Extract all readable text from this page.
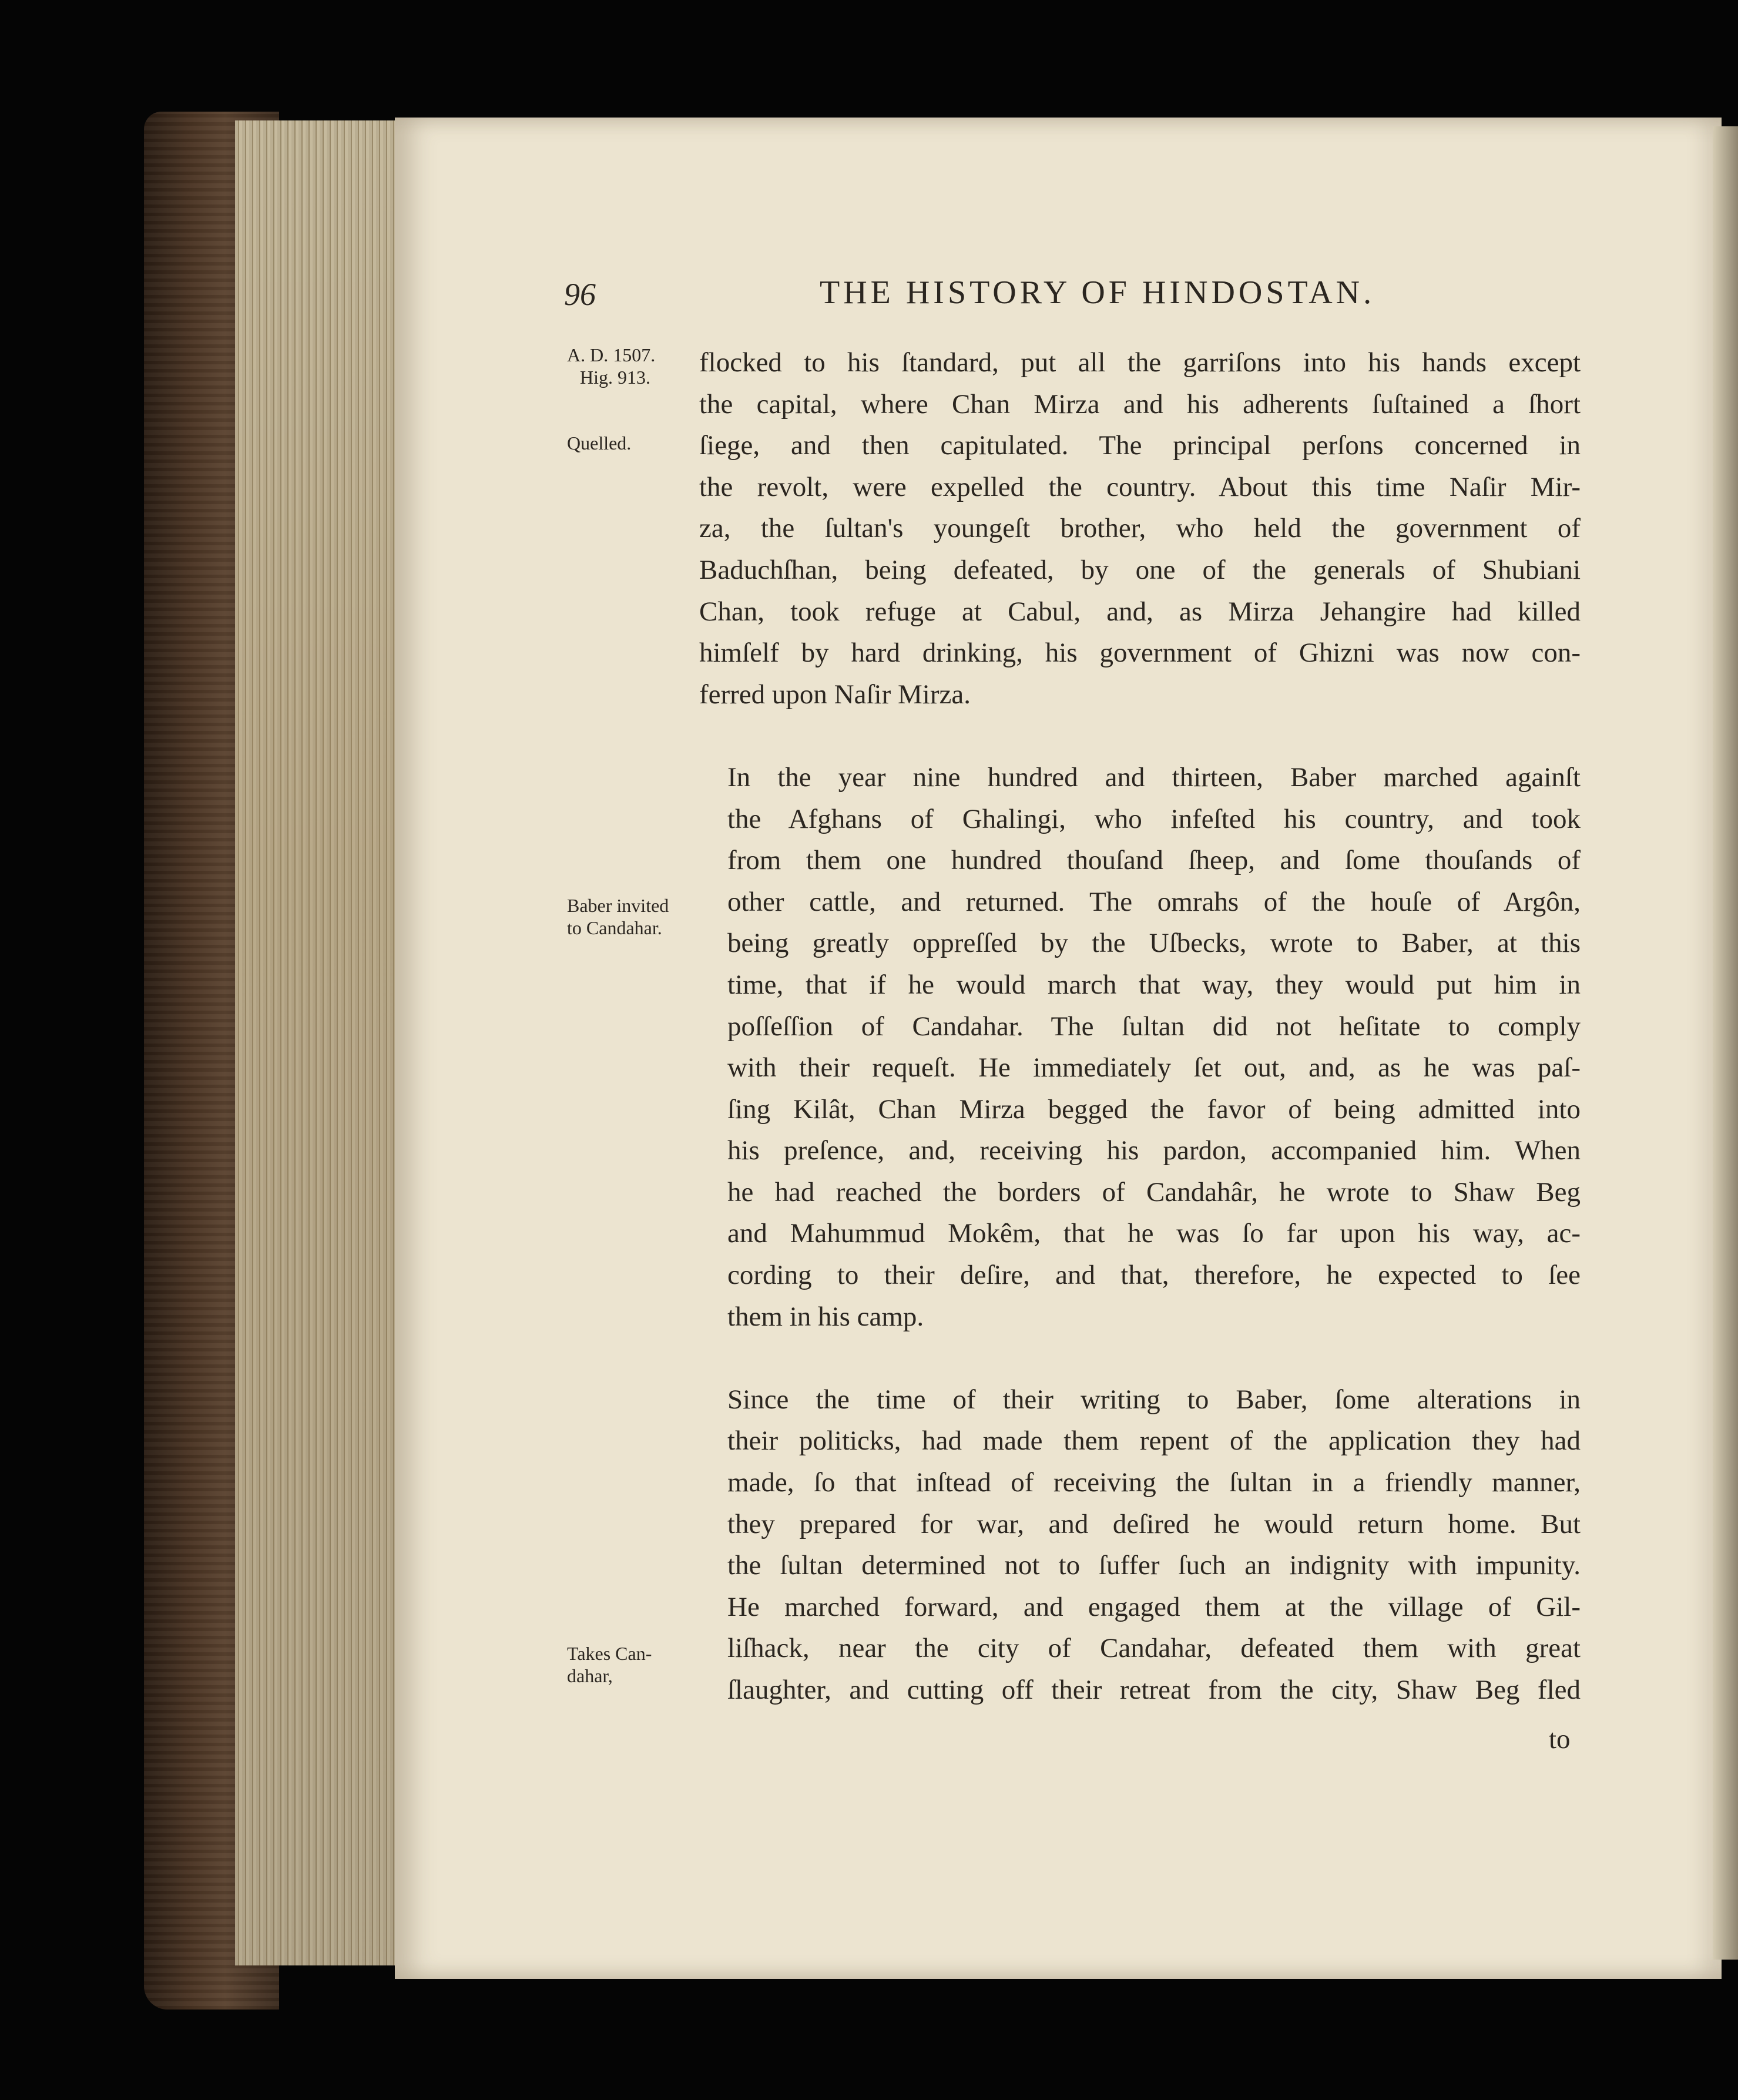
96	THE HISTORY OF HINDOSTAN.
A. D. 1507.
Hig. 913.
Quelled.
Baber invited
to Candahar.
Takes Can-
dahar,

flocked to his ſtandard, put all the garriſons into his hands except
the capital, where Chan Mirza and his adherents ſuſtained a ſhort
ſiege, and then capitulated. The principal perſons concerned in
the revolt, were expelled the country. About this time Naſir Mir-
za, the ſultan's youngeſt brother, who held the government of
Baduchſhan, being defeated, by one of the generals of Shubiani
Chan, took refuge at Cabul, and, as Mirza Jehangire had killed
himſelf by hard drinking, his government of Ghizni was now con-
ferred upon Naſir Mirza.

In the year nine hundred and thirteen, Baber marched againſt
the Afghans of Ghalingi, who infeſted his country, and took
from them one hundred thouſand ſheep, and ſome thouſands of
other cattle, and returned. The omrahs of the houſe of Argôn,
being greatly oppreſſed by the Uſbecks, wrote to Baber, at this
time, that if he would march that way, they would put him in
poſſeſſion of Candahar. The ſultan did not heſitate to comply
with their requeſt. He immediately ſet out, and, as he was paſ-
ſing Kilât, Chan Mirza begged the favor of being admitted into
his preſence, and, receiving his pardon, accompanied him. When
he had reached the borders of Candahâr, he wrote to Shaw Beg
and Mahummud Mokêm, that he was ſo far upon his way, ac-
cording to their deſire, and that, therefore, he expected to ſee
them in his camp.

Since the time of their writing to Baber, ſome alterations in
their politicks, had made them repent of the application they had
made, ſo that inſtead of receiving the ſultan in a friendly manner,
they prepared for war, and deſired he would return home. But
the ſultan determined not to ſuffer ſuch an indignity with impunity.
He marched forward, and engaged them at the village of Gil-
liſhack, near the city of Candahar, defeated them with great
ſlaughter, and cutting off their retreat from the city, Shaw Beg fled

to
